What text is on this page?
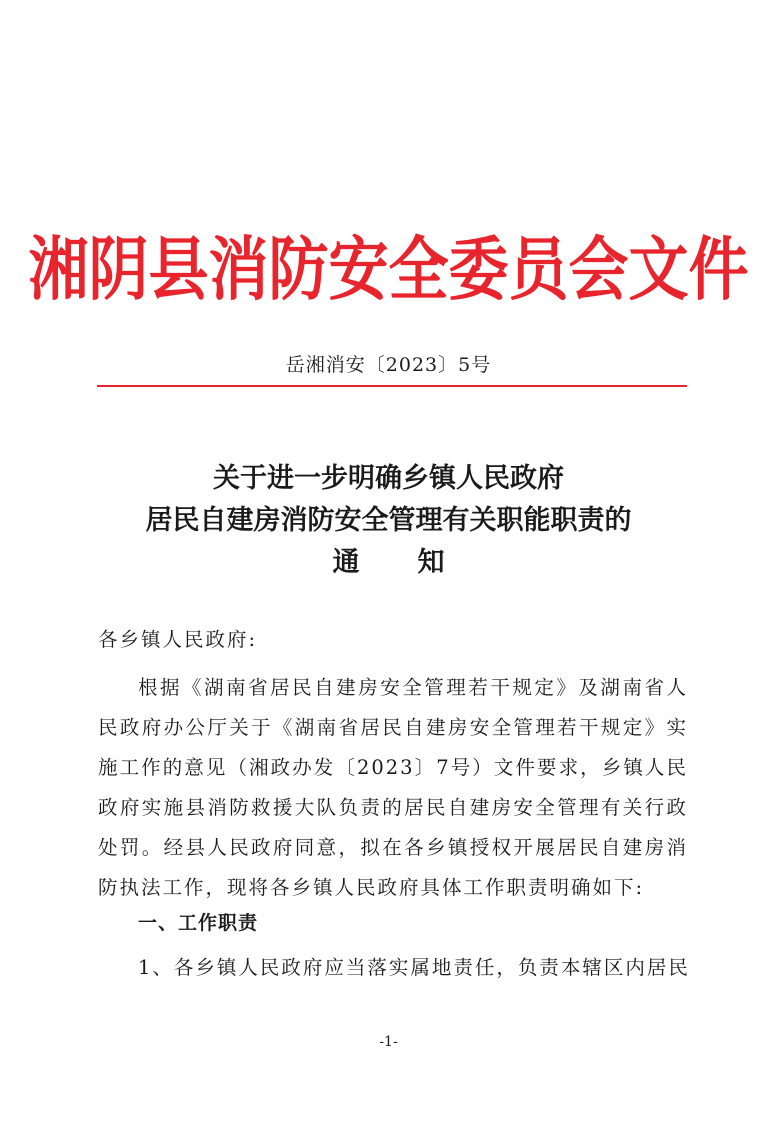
湘阴县消防安全委员会文件
岳湘消安〔2023〕5号
关于进一步明确乡镇人民政府
居民自建房消防安全管理有关职能职责的
通 知
各乡镇人民政府:
根据《湖南省居民自建房安全管理若干规定》及湖南省人民政府办公厅关于《湖南省居民自建房安全管理若干规定》实施工作的意见（湘政办发〔2023〕7号）文件要求，乡镇人民政府实施县消防救援大队负责的居民自建房安全管理有关行政处罚。经县人民政府同意，拟在各乡镇授权开展居民自建房消防执法工作，现将各乡镇人民政府具体工作职责明确如下:
一、工作职责
1、各乡镇人民政府应当落实属地责任，负责本辖区内居民
-1-
